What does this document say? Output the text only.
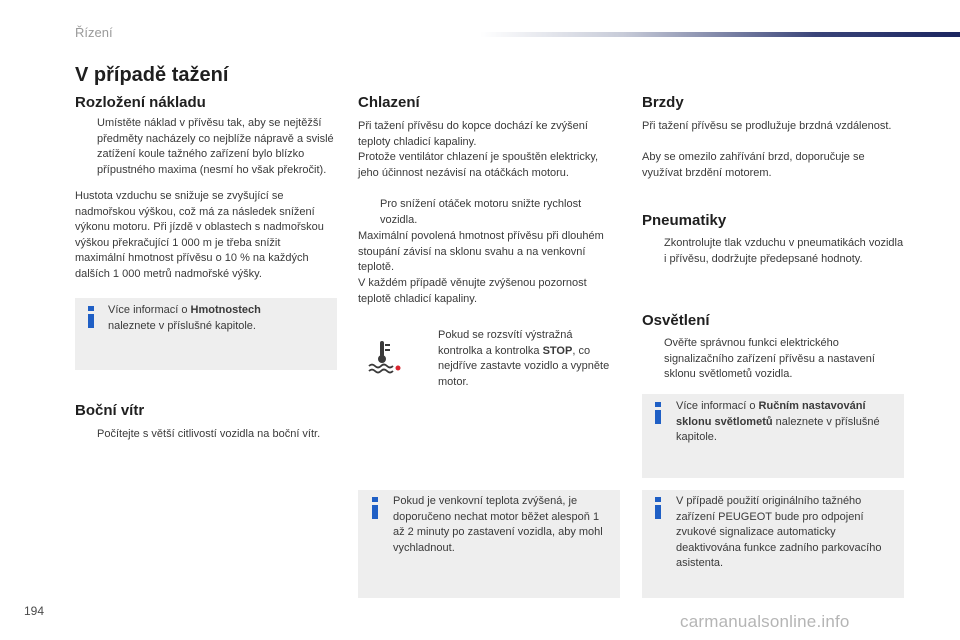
Řízení
V případě tažení
Rozložení nákladu
Umístěte náklad v přívěsu tak, aby se nejtěžší předměty nacházely co nejblíže nápravě a svislé zatížení koule tažného zařízení bylo blízko přípustného maxima (nesmí ho však překročit).
Hustota vzduchu se snižuje se zvyšující se nadmořskou výškou, což má za následek snížení výkonu motoru. Při jízdě v oblastech s nadmořskou výškou překračující 1 000 m je třeba snížit maximální hmotnost přívěsu o 10 % na každých dalších 1 000 metrů nadmořské výšky.
Více informací o Hmotnostech
naleznete v příslušné kapitole.
Boční vítr
Počítejte s větší citlivostí vozidla na boční vítr.
Chlazení
Při tažení přívěsu do kopce dochází ke zvýšení teploty chladicí kapaliny.
Protože ventilátor chlazení je spouštěn elektricky, jeho účinnost nezávisí na otáčkách motoru.
Pro snížení otáček motoru snižte rychlost vozidla.
Maximální povolená hmotnost přívěsu při dlouhém stoupání závisí na sklonu svahu a na venkovní teplotě.
V každém případě věnujte zvýšenou pozornost teplotě chladicí kapaliny.
Pokud se rozsvítí výstražná kontrolka a kontrolka STOP, co nejdříve zastavte vozidlo a vypněte motor.
Pokud je venkovní teplota zvýšená, je doporučeno nechat motor běžet alespoň 1 až 2 minuty po zastavení vozidla, aby mohl vychladnout.
Brzdy
Při tažení přívěsu se prodlužuje brzdná vzdálenost.
Aby se omezilo zahřívání brzd, doporučuje se využívat brzdění motorem.
Pneumatiky
Zkontrolujte tlak vzduchu v pneumatikách vozidla i přívěsu, dodržujte předepsané hodnoty.
Osvětlení
Ověřte správnou funkci elektrického signalizačního zařízení přívěsu a nastavení sklonu světlometů vozidla.
Více informací o Ručním nastavování sklonu světlometů naleznete v příslušné kapitole.
V případě použití originálního tažného zařízení PEUGEOT bude pro odpojení zvukové signalizace automaticky deaktivována funkce zadního parkovacího asistenta.
194
carmanualsonline.info
